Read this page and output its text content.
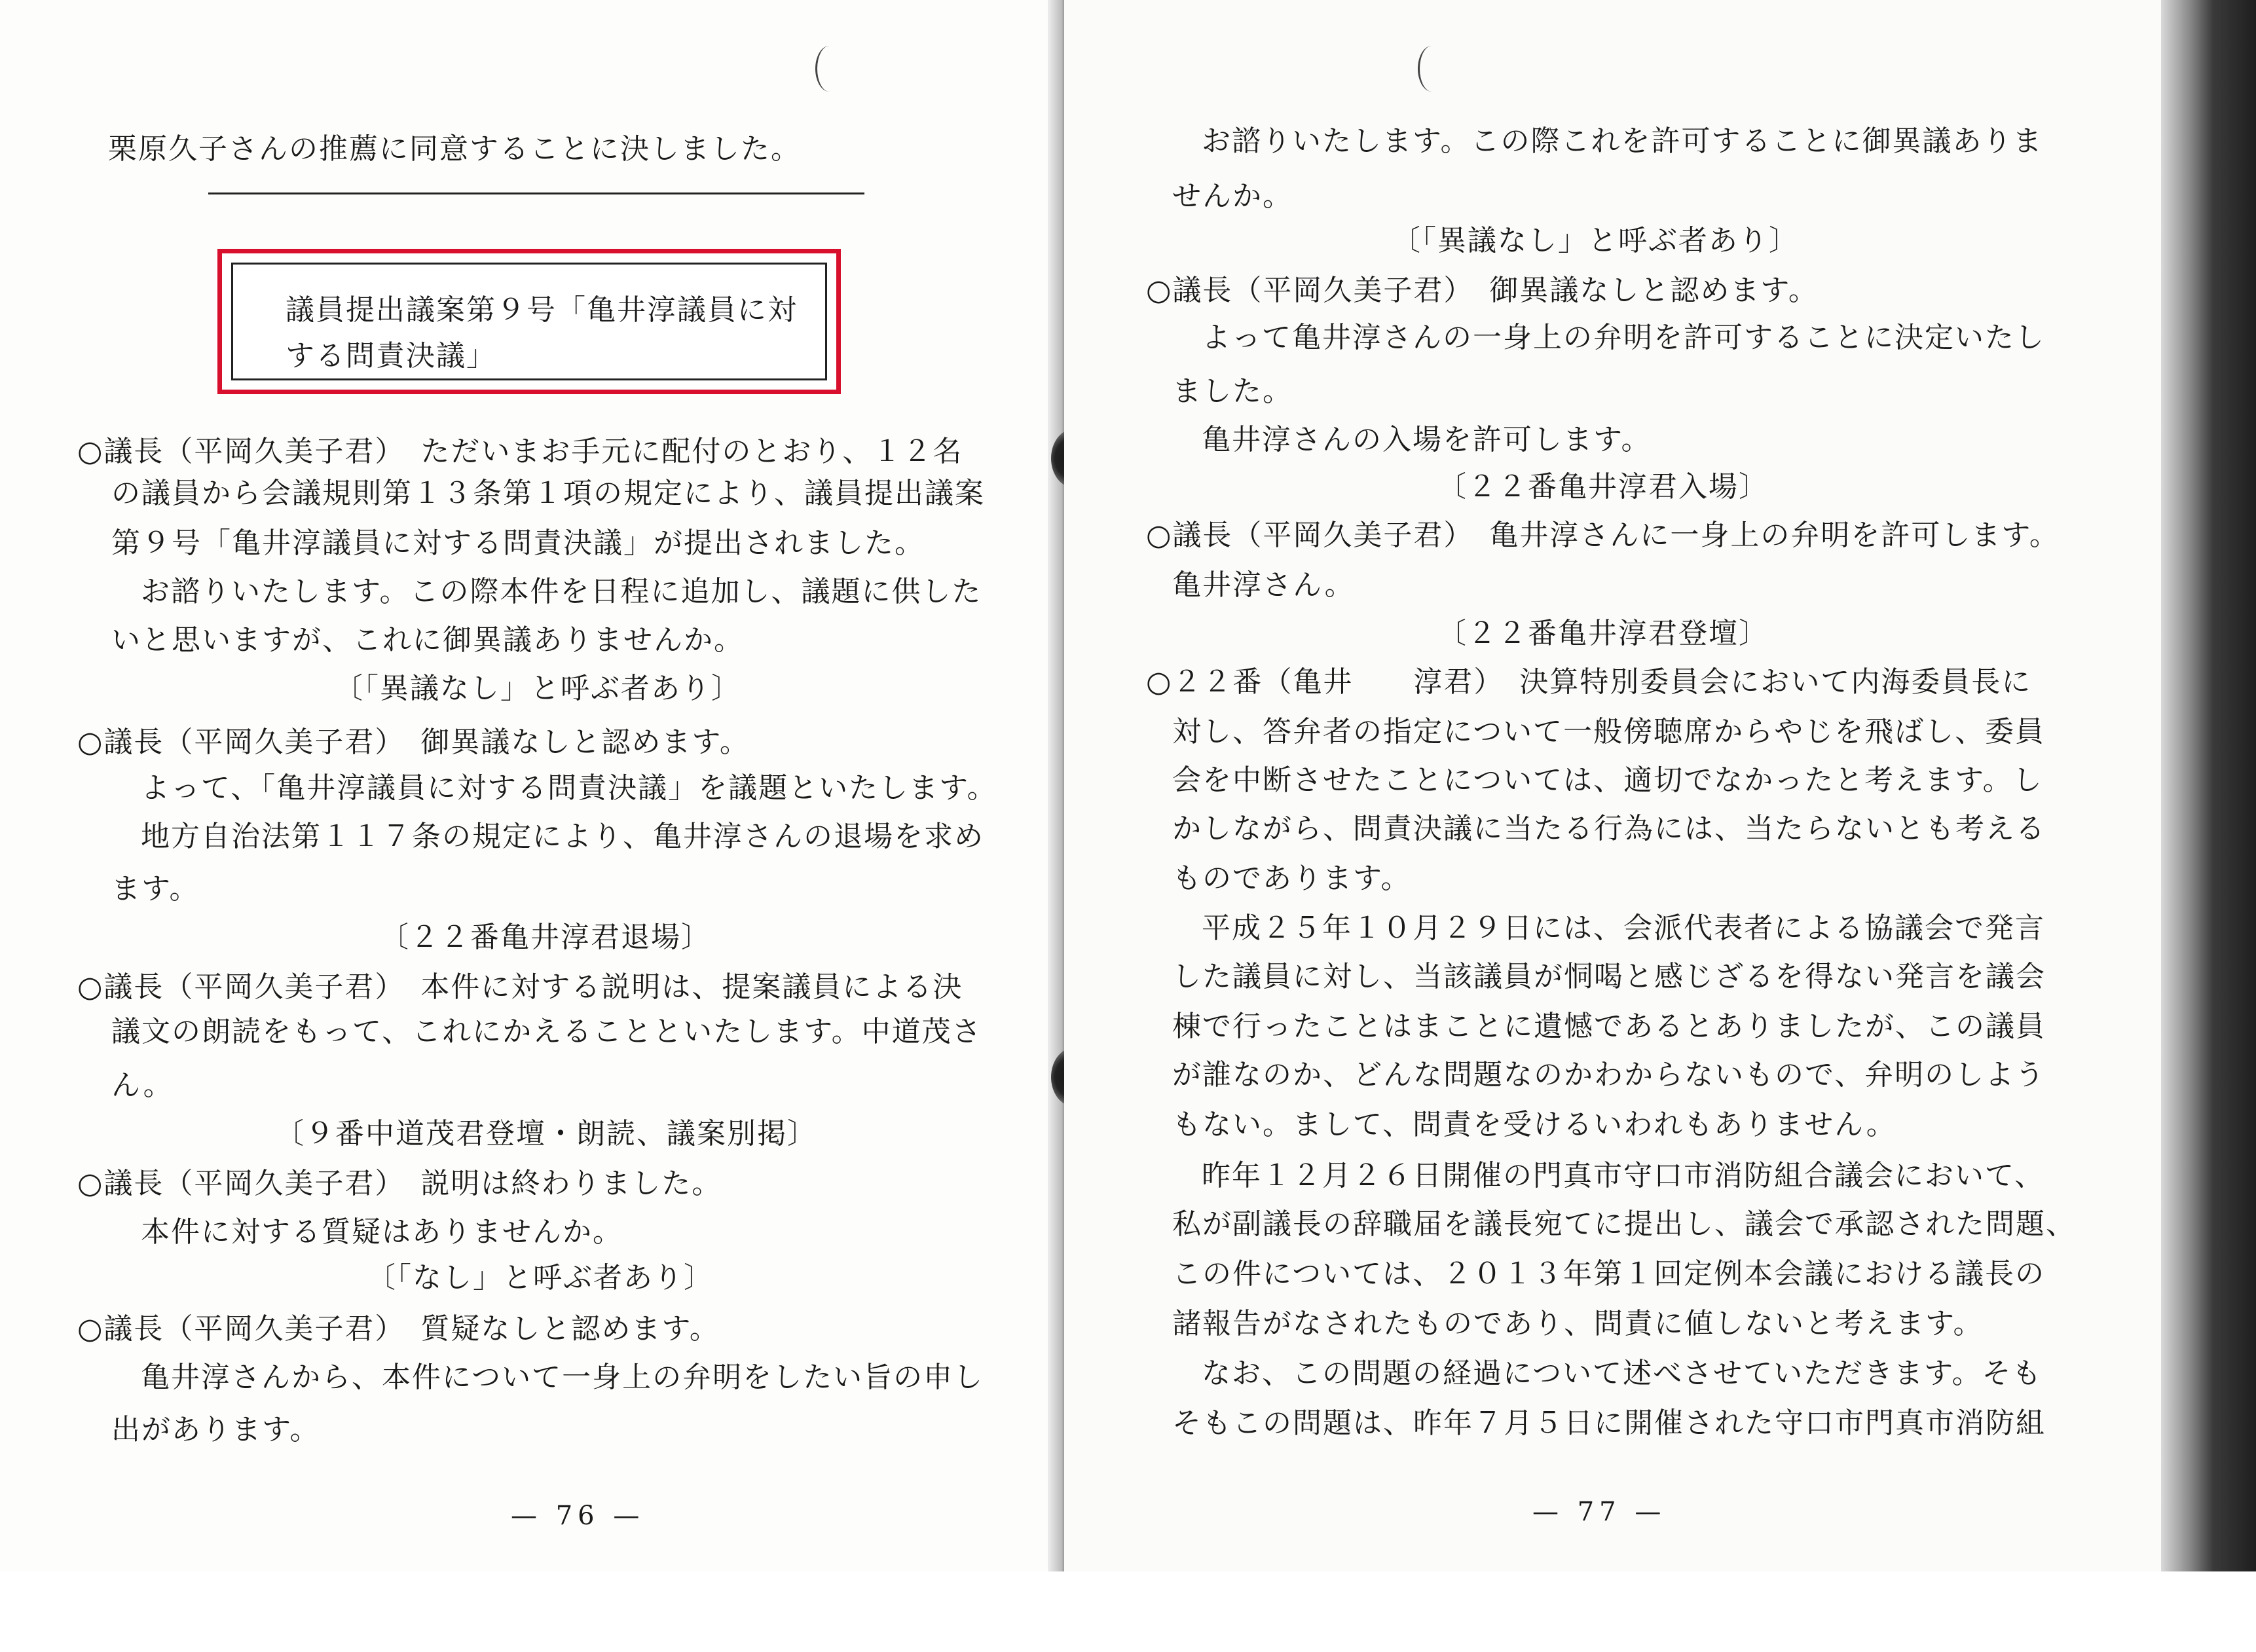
栗原久子さんの推薦に同意することに決しました。
議員提出議案第９号「亀井淳議員に対
する問責決議」
○議長（平岡久美子君）　ただいまお手元に配付のとおり、１２名
の議員から会議規則第１３条第１項の規定により、議員提出議案
第９号「亀井淳議員に対する問責決議」が提出されました。
お諮りいたします。この際本件を日程に追加し、議題に供した
いと思いますが、これに御異議ありませんか。
〔「異議なし」と呼ぶ者あり〕
○議長（平岡久美子君）　御異議なしと認めます。
よって、「亀井淳議員に対する問責決議」を議題といたします。
地方自治法第１１７条の規定により、亀井淳さんの退場を求め
ます。
〔２２番亀井淳君退場〕
○議長（平岡久美子君）　本件に対する説明は、提案議員による決
議文の朗読をもって、これにかえることといたします。中道茂さ
ん。
〔９番中道茂君登壇・朗読、議案別掲〕
○議長（平岡久美子君）　説明は終わりました。
本件に対する質疑はありませんか。
〔「なし」と呼ぶ者あり〕
○議長（平岡久美子君）　質疑なしと認めます。
亀井淳さんから、本件について一身上の弁明をしたい旨の申し
出があります。
— 76 —
お諮りいたします。この際これを許可することに御異議ありま
せんか。
〔「異議なし」と呼ぶ者あり〕
○議長（平岡久美子君）　御異議なしと認めます。
よって亀井淳さんの一身上の弁明を許可することに決定いたし
ました。
亀井淳さんの入場を許可します。
〔２２番亀井淳君入場〕
○議長（平岡久美子君）　亀井淳さんに一身上の弁明を許可します。
亀井淳さん。
〔２２番亀井淳君登壇〕
○２２番（亀井　　淳君）　決算特別委員会において内海委員長に
対し、答弁者の指定について一般傍聴席からやじを飛ばし、委員
会を中断させたことについては、適切でなかったと考えます。し
かしながら、問責決議に当たる行為には、当たらないとも考える
ものであります。
平成２５年１０月２９日には、会派代表者による協議会で発言
した議員に対し、当該議員が恫喝と感じざるを得ない発言を議会
棟で行ったことはまことに遺憾であるとありましたが、この議員
が誰なのか、どんな問題なのかわからないもので、弁明のしよう
もない。まして、問責を受けるいわれもありません。
昨年１２月２６日開催の門真市守口市消防組合議会において、
私が副議長の辞職届を議長宛てに提出し、議会で承認された問題、
この件については、２０１３年第１回定例本会議における議長の
諸報告がなされたものであり、問責に値しないと考えます。
なお、この問題の経過について述べさせていただきます。そも
そもこの問題は、昨年７月５日に開催された守口市門真市消防組
— 77 —
